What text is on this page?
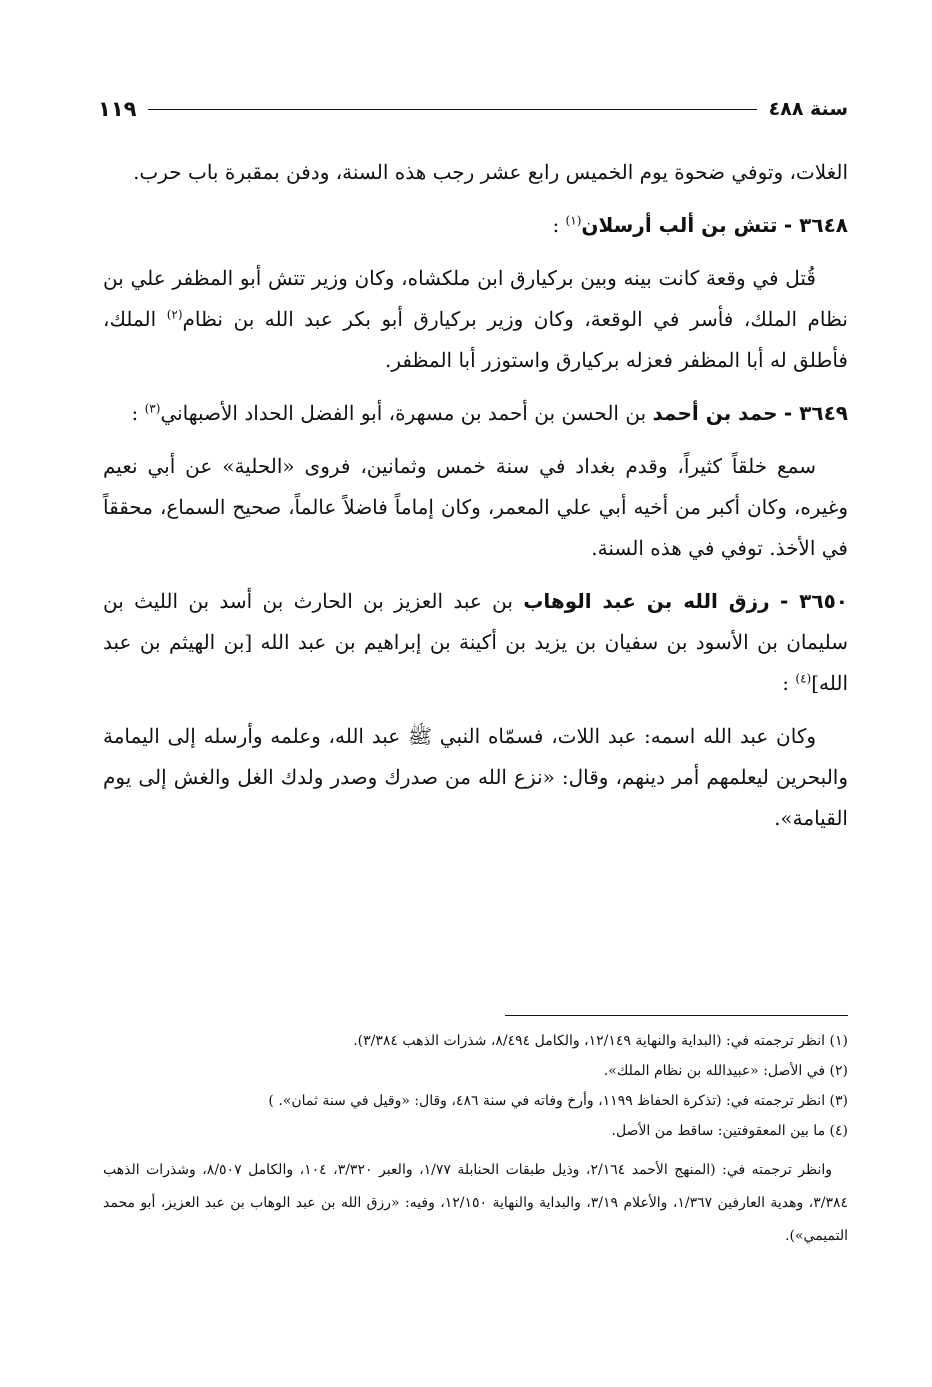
سنة ٤٨٨
١١٩

الغلات، وتوفي ضحوة يوم الخميس رابع عشر رجب هذه السنة، ودفن بمقبرة باب حرب.

٣٦٤٨ - تتش بن ألب أرسلان$^{(١)}$ :

قُتل في وقعة كانت بينه وبين بركيارق ابن ملكشاه، وكان وزير تتش أبو المظفر علي بن نظام الملك، فأسر في الوقعة، وكان وزير بركيارق أبو بكر عبد الله بن نظام$^{(٢)}$ الملك، فأطلق له أبا المظفر فعزله بركيارق واستوزر أبا المظفر.

٣٦٤٩ - حمد بن أحمد بن الحسن بن أحمد بن مسهرة، أبو الفضل الحداد الأصبهاني$^{(٣)}$ :

سمع خلقاً كثيراً، وقدم بغداد في سنة خمس وثمانين، فروى «الحلية» عن أبي نعيم وغيره، وكان أكبر من أخيه أبي علي المعمر، وكان إماماً فاضلاً عالماً، صحيح السماع، محققاً في الأخذ. توفي في هذه السنة.

٣٦٥٠ - رزق الله بن عبد الوهاب بن عبد العزيز بن الحارث بن أسد بن الليث بن سليمان بن الأسود بن سفيان بن يزيد بن أكينة بن إبراهيم بن عبد الله [بن الهيثم بن عبد الله]$^{(٤)}$ :

وكان عبد الله اسمه: عبد اللات، فسمّاه النبي ﷺ عبد الله، وعلمه وأرسله إلى اليمامة والبحرين ليعلمهم أمر دينهم، وقال: «نزع الله من صدرك وصدر ولدك الغل والغش إلى يوم القيامة».

(١) انظر ترجمته في: (البداية والنهاية ١٢/١٤٩، والكامل ٨/٤٩٤، شذرات الذهب ٣/٣٨٤).

(٢) في الأصل: «عبيدالله بن نظام الملك».

(٣) انظر ترجمته في: (تذكرة الحفاظ ١١٩٩، وأرخ وفاته في سنة ٤٨٦، وقال: «وقيل في سنة ثمان». )

(٤) ما بين المعقوفتين: ساقط من الأصل.

وانظر ترجمته في: (المنهج الأحمد ٢/١٦٤، وذيل طبقات الحنابلة ١/٧٧، والعبر ٣/٣٢٠، ١٠٤، والكامل ٨/٥٠٧، وشذرات الذهب ٣/٣٨٤، وهدية العارفين ١/٣٦٧، والأعلام ٣/١٩، والبداية والنهاية ١٢/١٥٠، وفيه: «رزق الله بن عبد الوهاب بن عبد العزيز، أبو محمد التميمي»).
